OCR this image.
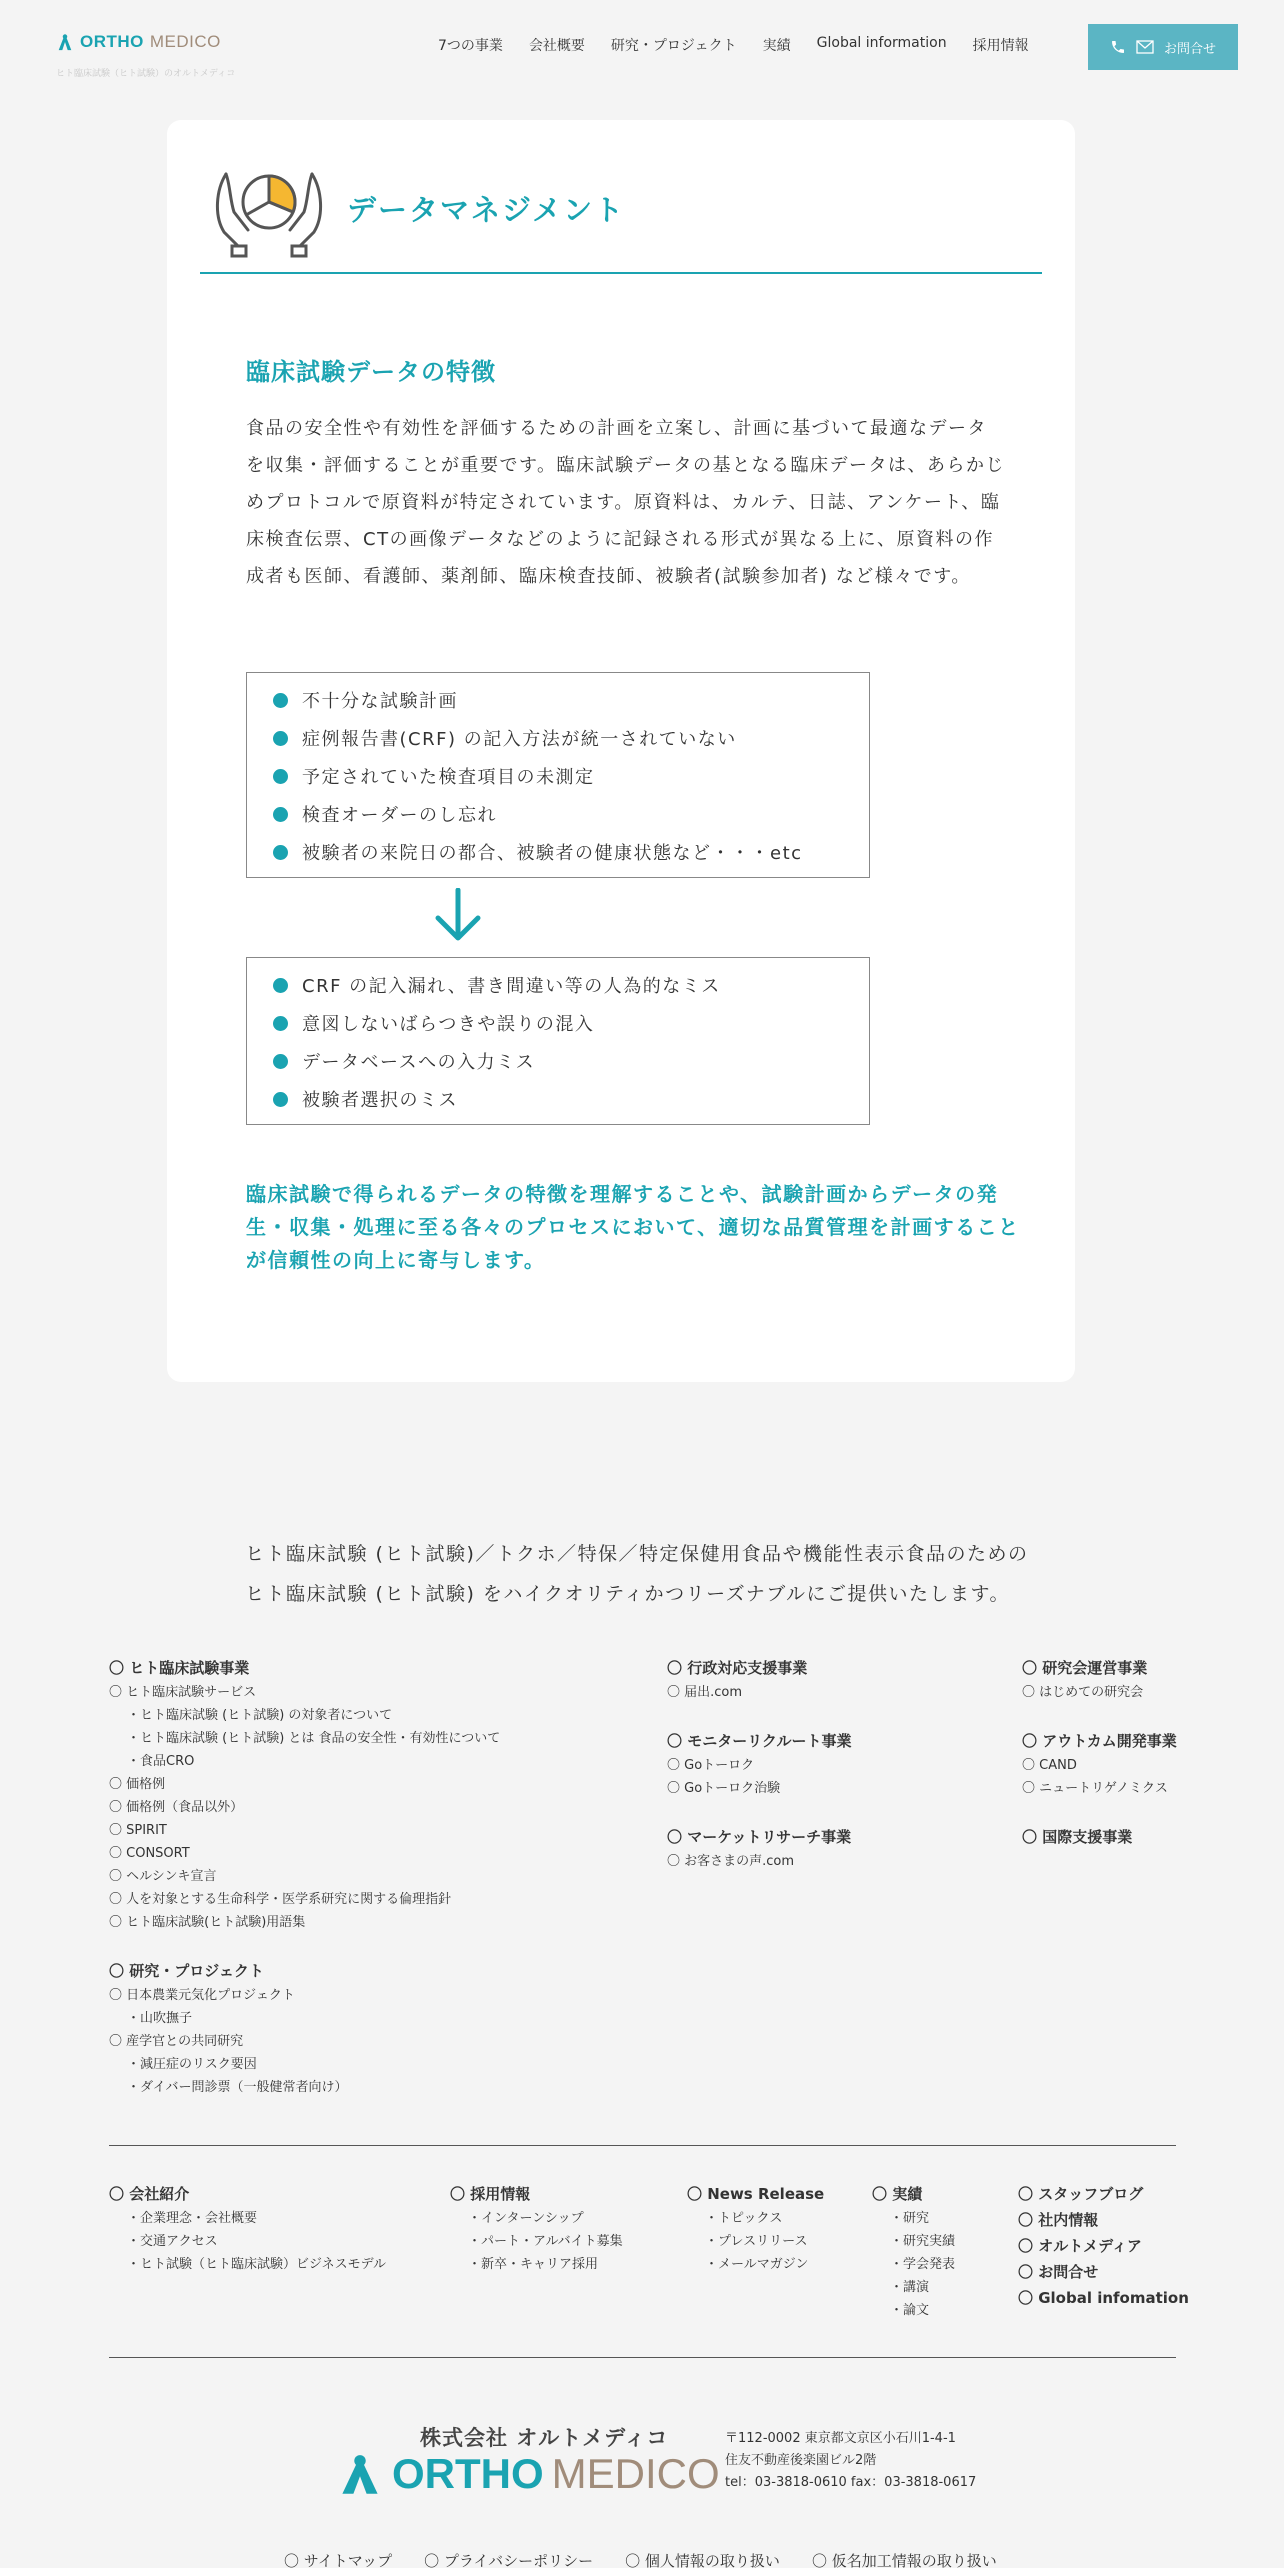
ORTHO MEDICO
ヒト臨床試験（ヒト試験）のオルトメディコ
7つの事業 会社概要 研究・プロジェクト 実績 Global information 採用情報	お問合せ
データマネジメント
臨床試験データの特徴

食品の安全性や有効性を評価するための計画を立案し、計画に基づいて最適なデータを収集・評価することが重要です。臨床試験データの基となる臨床データは、あらかじめプロトコルで原資料が特定されています。原資料は、カルテ、日誌、アンケート、臨床検査伝票、CTの画像データなどのように記録される形式が異なる上に、原資料の作成者も医師、看護師、薬剤師、臨床検査技師、被験者(試験参加者) など様々です。

不十分な試験計画
症例報告書(CRF) の記入方法が統一されていない
予定されていた検査項目の未測定
検査オーダーのし忘れ
被験者の来院日の都合、被験者の健康状態など・・・etc
CRF の記入漏れ、書き間違い等の人為的なミス
意図しないばらつきや誤りの混入
データベースへの入力ミス
被験者選択のミス

臨床試験で得られるデータの特徴を理解することや、試験計画からデータの発生・収集・処理に至る各々のプロセスにおいて、適切な品質管理を計画することが信頼性の向上に寄与します。

ヒト臨床試験 (ヒト試験)／トクホ／特保／特定保健用食品や機能性表示食品のための
ヒト臨床試験 (ヒト試験) をハイクオリティかつリーズナブルにご提供いたします。
〇 ヒト臨床試験事業
〇 ヒト臨床試験サービス
・ヒト臨床試験 (ヒト試験) の対象者について
・ヒト臨床試験 (ヒト試験) とは 食品の安全性・有効性について
・食品CRO
〇 価格例
〇 価格例（食品以外）
〇 SPIRIT
〇 CONSORT
〇 ヘルシンキ宣言
〇 人を対象とする生命科学・医学系研究に関する倫理指針
〇 ヒト臨床試験(ヒト試験)用語集
〇 研究・プロジェクト
〇 日本農業元気化プロジェクト
・山吹撫子
〇 産学官との共同研究
・減圧症のリスク要因
・ダイバー問診票（一般健常者向け）
〇 行政対応支援事業
〇 届出.com
〇 モニターリクルート事業
〇 Goトーロク
〇 Goトーロク治験
〇 マーケットリサーチ事業
〇 お客さまの声.com
〇 研究会運営事業
〇 はじめての研究会
〇 アウトカム開発事業
〇 CAND
〇 ニュートリゲノミクス
〇 国際支援事業
〇 会社紹介
・企業理念・会社概要
・交通アクセス
・ヒト試験（ヒト臨床試験）ビジネスモデル
〇 採用情報
・インターンシップ
・パート・アルバイト募集
・新卒・キャリア採用
〇 News Release
・トピックス
・プレスリリース
・メールマガジン
〇 実績
・研究
・研究実績
・学会発表
・講演
・論文
〇 スタッフブログ
〇 社内情報
〇 オルトメディア
〇 お問合せ
〇 Global infomation
株式会社 オルトメディコ
ORTHO MEDICO
〒112-0002 東京都文京区小石川1-4-1
住友不動産後楽園ビル2階
tel：03-3818-0610 fax：03-3818-0617
〇 サイトマップ 〇 プライバシーポリシー 〇 個人情報の取り扱い 〇 仮名加工情報の取り扱い
